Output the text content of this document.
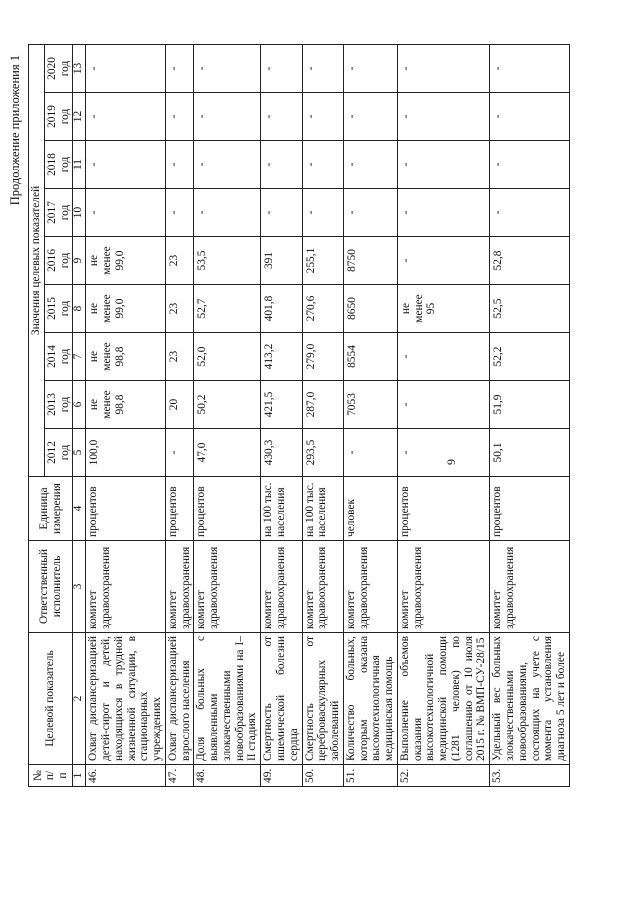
Продолжение приложения 1
9
№ п/п	Целевой показатель	Ответственный исполнитель	Единица измерения	Значения целевых показателей								
				2012 год	2013 год	2014 год	2015 год	2016 год	2017 год	2018 год	2019 год	2020 год
1	2	3	4	5	6	7	8	9	10	11	12	13
46.	Охват диспансеризацией детей-сирот и детей, находящихся в трудной жизненной ситуации, в стационарных учреждениях	комитет здравоохранения	процентов	100,0	не менее 98,8	не менее 98,8	не менее 99,0	не менее 99,0	-	-	-	-
47.	Охват диспансеризацией взрослого населения	комитет здравоохранения	процентов	-	20	23	23	23	-	-	-	-
48.	Доля больных с выявленными злокачественными новообразованиями на I–II стадиях	комитет здравоохранения	процентов	47,0	50,2	52,0	52,7	53,5	-	-	-	-
49.	Смертность от ишемической болезни сердца	комитет здравоохранения	на 100 тыс. населения	430,3	421,5	413,2	401,8	391	-	-	-	-
50.	Смертность от цереброваскулярных заболеваний	комитет здравоохранения	на 100 тыс. населения	293,5	287,0	279,0	270,6	255,1	-	-	-	-
51.	Количество больных, которым оказана высокотехнологичная медицинская помощь	комитет здравоохранения	человек	-	7053	8554	8650	8750	-	-	-	-
52.	Выполнение объемов оказания высокотехнологичной медицинской помощи (1281 человек) по соглашению от 10 июля 2015 г. № ВМП-СУ-28/15	комитет здравоохранения	процентов	-	-	-	не менее 95	-	-	-	-	-
53.	Удельный вес больных злокачественными новообразованиями, состоящих на учете с момента установления диагноза 5 лет и более	комитет здравоохранения	процентов	50,1	51,9	52,2	52,5	52,8	-	-	-	-
